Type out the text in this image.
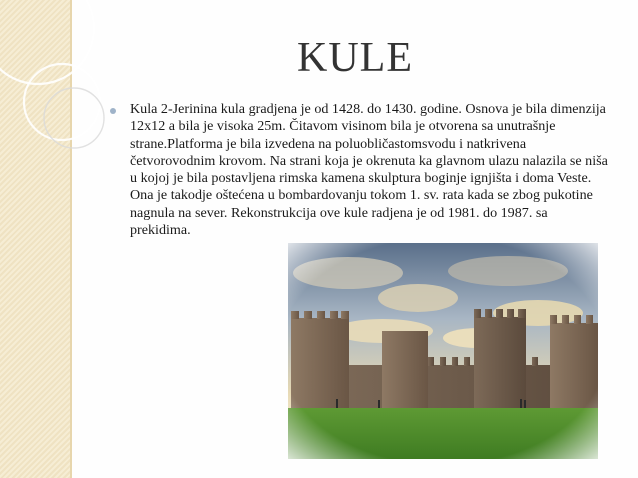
KULE
Kula 2-Jerinina kula gradjena je od 1428. do 1430. godine. Osnova je bila dimenzija
12x12 a bila je visoka 25m. Čitavom visinom bila je otvorena sa unutrašnje
strane.Platforma je bila izvedena na poluobličastomsvodu i natkrivena
četvorovodnim krovom. Na strani koja je okrenuta ka glavnom ulazu nalazila se niša
u kojoj je bila postavljena rimska kamena skulptura boginje ignjišta i doma Veste.
Ona je takodje oštećena u bombardovanju tokom 1. sv. rata kada se zbog pukotine
nagnula na sever. Rekonstrukcija ove kule radjena je od 1981. do 1987. sa
prekidima.
